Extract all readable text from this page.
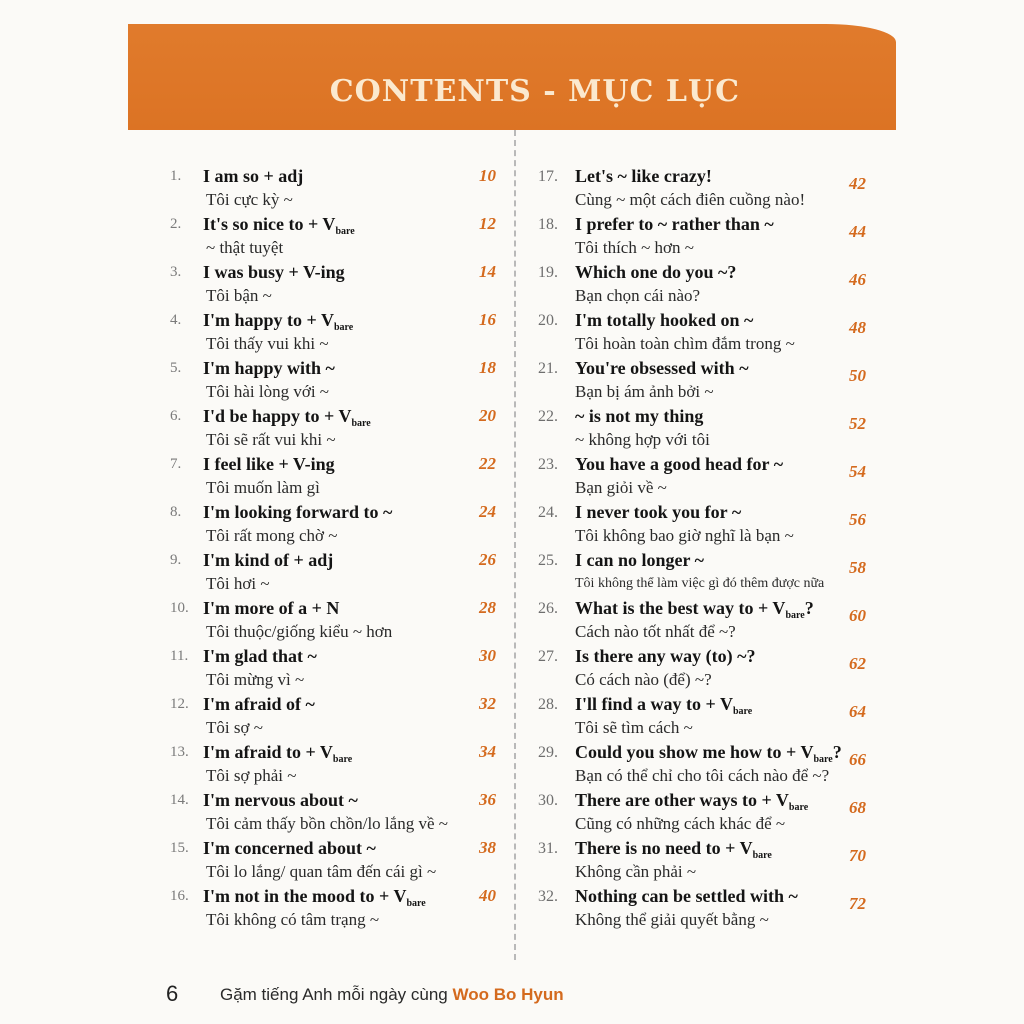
CONTENTS - MỤC LỤC
1. I am so + adj
Tôi cực kỳ ~
10
2. It's so nice to + $V_{bare}$
~ thật tuyệt
12
3. I was busy + V-ing
Tôi bận ~
14
4. I'm happy to + $V_{bare}$
Tôi thấy vui khi ~
16
5. I'm happy with ~
Tôi hài lòng với ~
18
6. I'd be happy to + $V_{bare}$
Tôi sẽ rất vui khi ~
20
7. I feel like + V-ing
Tôi muốn làm gì
22
8. I'm looking forward to ~
Tôi rất mong chờ ~
24
9. I'm kind of + adj
Tôi hơi ~
26
10. I'm more of a + N
Tôi thuộc/giống kiểu ~ hơn
28
11. I'm glad that ~
Tôi mừng vì ~
30
12. I'm afraid of ~
Tôi sợ ~
32
13. I'm afraid to + $V_{bare}$
Tôi sợ phải ~
34
14. I'm nervous about ~
Tôi cảm thấy bồn chồn/lo lắng về ~
36
15. I'm concerned about ~
Tôi lo lắng/ quan tâm đến cái gì ~
38
16. I'm not in the mood to + $V_{bare}$
Tôi không có tâm trạng ~
40
17. Let's ~ like crazy!
Cùng ~ một cách điên cuồng nào!
42
18. I prefer to ~ rather than ~
Tôi thích ~ hơn ~
44
19. Which one do you ~?
Bạn chọn cái nào?
46
20. I'm totally hooked on ~
Tôi hoàn toàn chìm đắm trong ~
48
21. You're obsessed with ~
Bạn bị ám ảnh bởi ~
50
22. ~ is not my thing
~ không hợp với tôi
52
23. You have a good head for ~
Bạn giỏi về ~
54
24. I never took you for ~
Tôi không bao giờ nghĩ là bạn ~
56
25. I can no longer ~
Tôi không thể làm việc gì đó thêm được nữa
58
26. What is the best way to + $V_{bare}$?
Cách nào tốt nhất để ~?
60
27. Is there any way (to) ~?
Có cách nào (để) ~?
62
28. I'll find a way to + $V_{bare}$
Tôi sẽ tìm cách ~
64
29. Could you show me how to + $V_{bare}$?
Bạn có thể chỉ cho tôi cách nào để ~?
66
30. There are other ways to + $V_{bare}$
Cũng có những cách khác để ~
68
31. There is no need to + $V_{bare}$
Không cần phải ~
70
32. Nothing can be settled with ~
Không thể giải quyết bằng ~
72
6 Gặm tiếng Anh mỗi ngày cùng Woo Bo Hyun
